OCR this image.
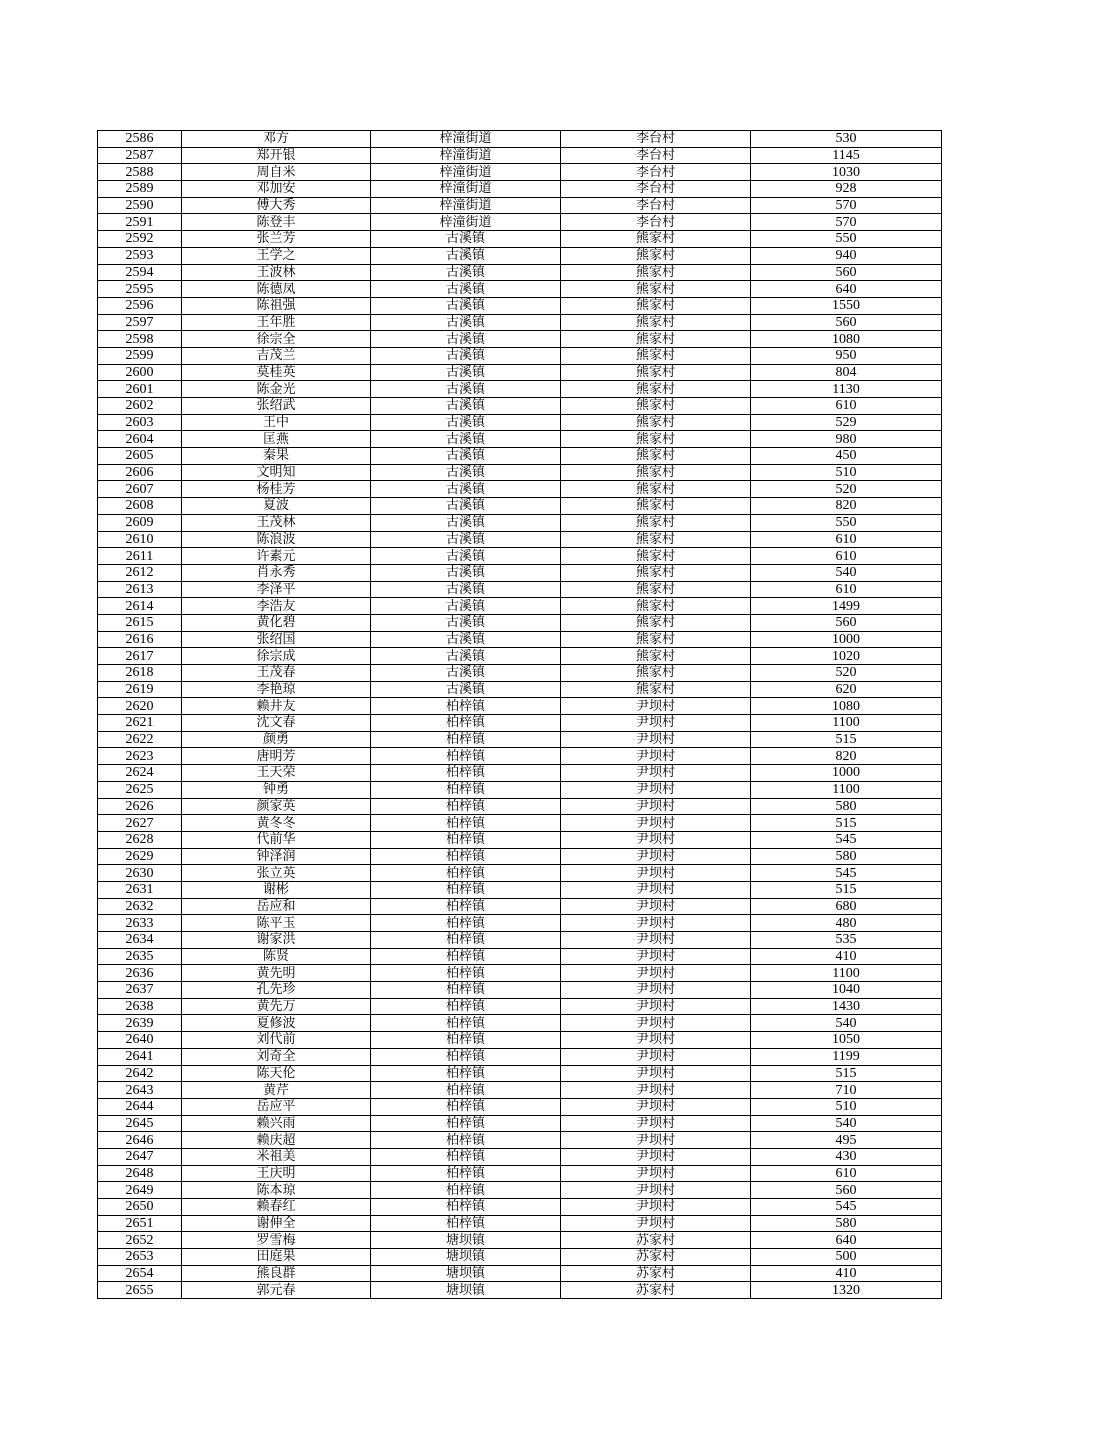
2586	邓方	梓潼街道	李台村	530
2587	郑开银	梓潼街道	李台村	1145
2588	周自米	梓潼街道	李台村	1030
2589	邓加安	梓潼街道	李台村	928
2590	傅大秀	梓潼街道	李台村	570
2591	陈登丰	梓潼街道	李台村	570
2592	张兰芳	古溪镇	熊家村	550
2593	王学之	古溪镇	熊家村	940
2594	王波林	古溪镇	熊家村	560
2595	陈德凤	古溪镇	熊家村	640
2596	陈祖强	古溪镇	熊家村	1550
2597	王年胜	古溪镇	熊家村	560
2598	徐宗全	古溪镇	熊家村	1080
2599	吉茂兰	古溪镇	熊家村	950
2600	莫桂英	古溪镇	熊家村	804
2601	陈金光	古溪镇	熊家村	1130
2602	张绍武	古溪镇	熊家村	610
2603	王中	古溪镇	熊家村	529
2604	匡燕	古溪镇	熊家村	980
2605	秦果	古溪镇	熊家村	450
2606	文明知	古溪镇	熊家村	510
2607	杨桂芳	古溪镇	熊家村	520
2608	夏波	古溪镇	熊家村	820
2609	王茂林	古溪镇	熊家村	550
2610	陈浪波	古溪镇	熊家村	610
2611	许素元	古溪镇	熊家村	610
2612	肖永秀	古溪镇	熊家村	540
2613	李泽平	古溪镇	熊家村	610
2614	李浩友	古溪镇	熊家村	1499
2615	黄化碧	古溪镇	熊家村	560
2616	张绍国	古溪镇	熊家村	1000
2617	徐宗成	古溪镇	熊家村	1020
2618	王茂春	古溪镇	熊家村	520
2619	李艳琼	古溪镇	熊家村	620
2620	赖井友	柏梓镇	尹坝村	1080
2621	沈文春	柏梓镇	尹坝村	1100
2622	颜勇	柏梓镇	尹坝村	515
2623	唐明芳	柏梓镇	尹坝村	820
2624	王天荣	柏梓镇	尹坝村	1000
2625	钟勇	柏梓镇	尹坝村	1100
2626	颜家英	柏梓镇	尹坝村	580
2627	黄冬冬	柏梓镇	尹坝村	515
2628	代前华	柏梓镇	尹坝村	545
2629	钟泽润	柏梓镇	尹坝村	580
2630	张立英	柏梓镇	尹坝村	545
2631	谢彬	柏梓镇	尹坝村	515
2632	岳应和	柏梓镇	尹坝村	680
2633	陈平玉	柏梓镇	尹坝村	480
2634	谢家洪	柏梓镇	尹坝村	535
2635	陈贤	柏梓镇	尹坝村	410
2636	黄先明	柏梓镇	尹坝村	1100
2637	孔先珍	柏梓镇	尹坝村	1040
2638	黄先万	柏梓镇	尹坝村	1430
2639	夏修波	柏梓镇	尹坝村	540
2640	刘代前	柏梓镇	尹坝村	1050
2641	刘奇全	柏梓镇	尹坝村	1199
2642	陈天伦	柏梓镇	尹坝村	515
2643	黄芹	柏梓镇	尹坝村	710
2644	岳应平	柏梓镇	尹坝村	510
2645	赖兴雨	柏梓镇	尹坝村	540
2646	赖庆超	柏梓镇	尹坝村	495
2647	米祖美	柏梓镇	尹坝村	430
2648	王庆明	柏梓镇	尹坝村	610
2649	陈本琼	柏梓镇	尹坝村	560
2650	赖春红	柏梓镇	尹坝村	545
2651	谢伸全	柏梓镇	尹坝村	580
2652	罗雪梅	塘坝镇	苏家村	640
2653	田庭果	塘坝镇	苏家村	500
2654	熊良群	塘坝镇	苏家村	410
2655	郭元春	塘坝镇	苏家村	1320
